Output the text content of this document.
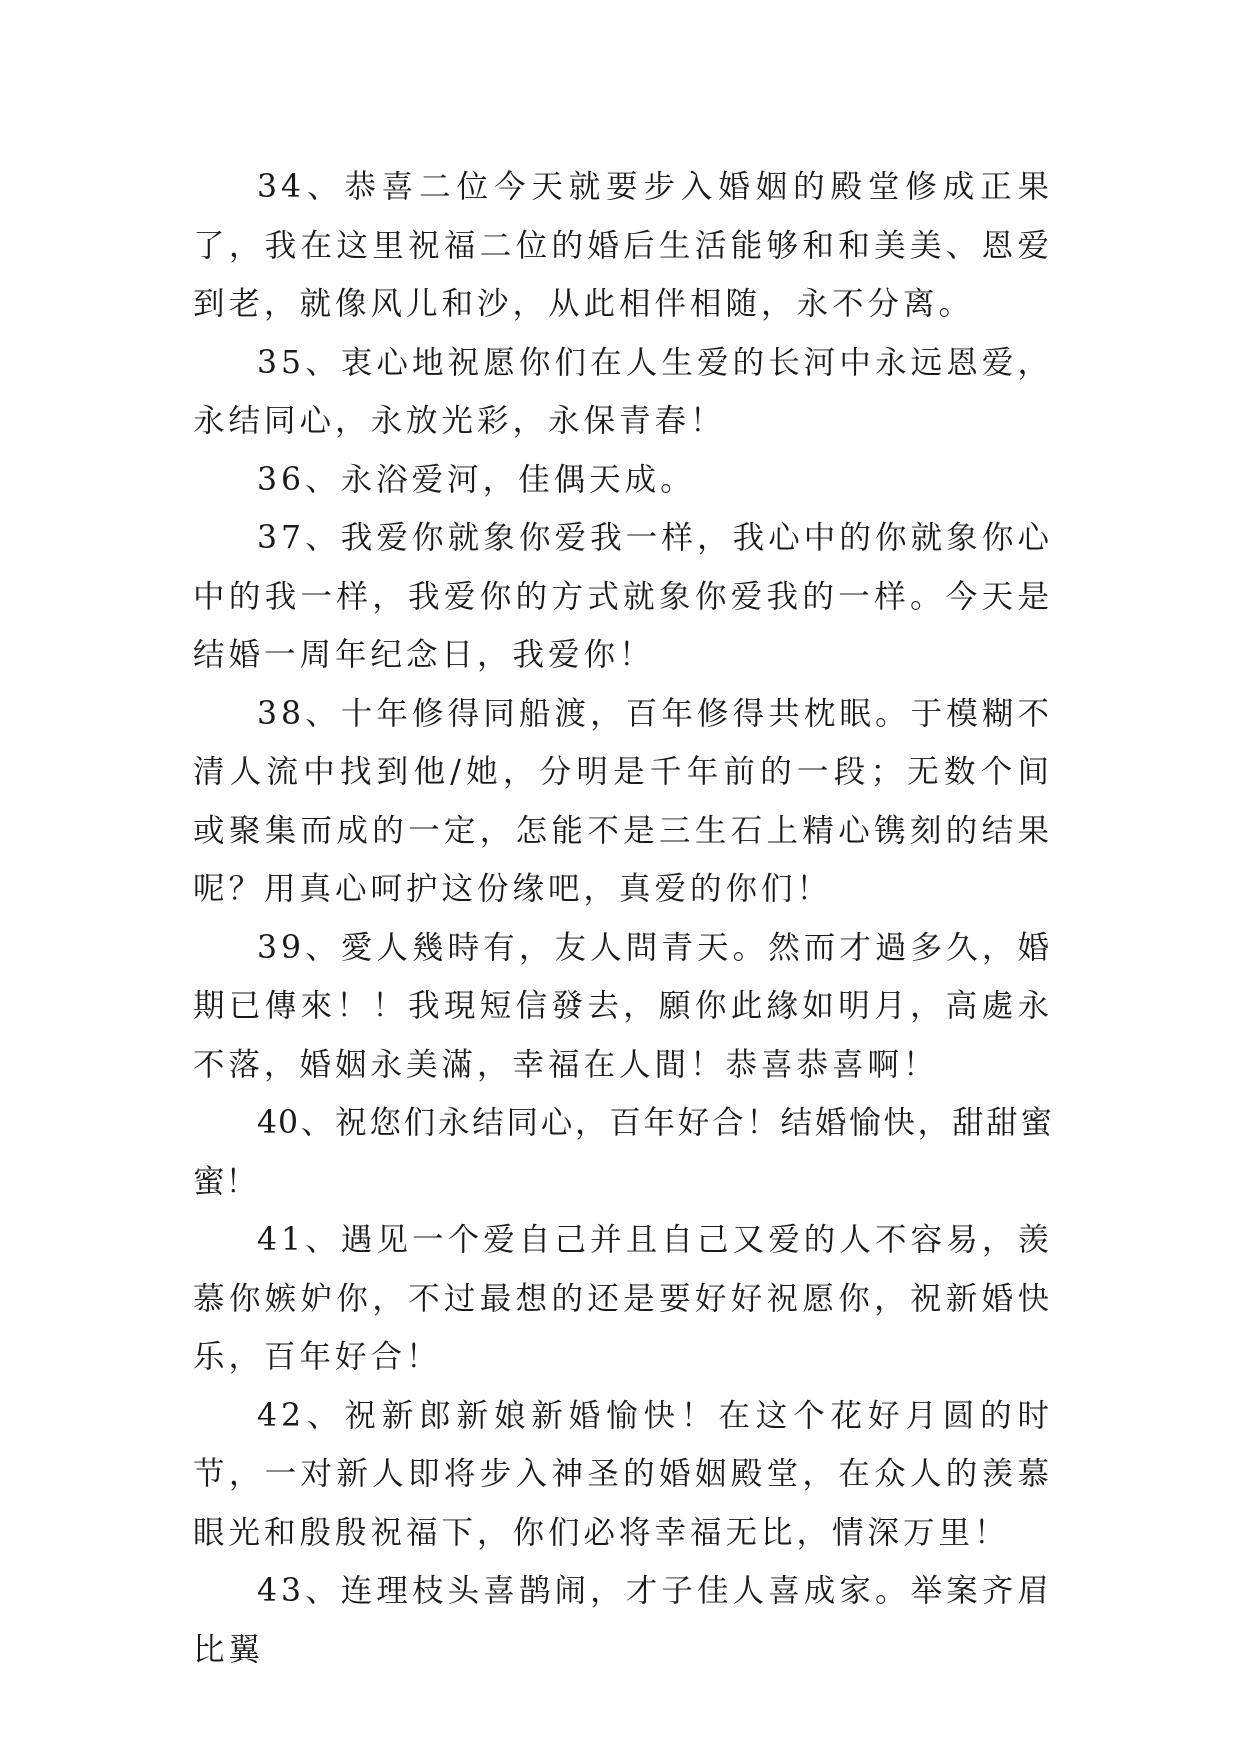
34、恭喜二位今天就要步入婚姻的殿堂修成正果了，我在这里祝福二位的婚后生活能够和和美美、恩爱到老，就像风儿和沙，从此相伴相随，永不分离。

35、衷心地祝愿你们在人生爱的长河中永远恩爱，永结同心，永放光彩，永保青春！

36、永浴爱河，佳偶天成。

37、我爱你就象你爱我一样，我心中的你就象你心中的我一样，我爱你的方式就象你爱我的一样。今天是结婚一周年纪念日，我爱你！

38、十年修得同船渡，百年修得共枕眠。于模糊不清人流中找到他/她，分明是千年前的一段；无数个间或聚集而成的一定，怎能不是三生石上精心镌刻的结果呢？用真心呵护这份缘吧，真爱的你们！

39、愛人幾時有，友人問青天。然而才過多久，婚期已傳來！！我現短信發去，願你此緣如明月，高處永不落，婚姻永美滿，幸福在人間！恭喜恭喜啊！

40、祝您们永结同心，百年好合！结婚愉快，甜甜蜜蜜！

41、遇见一个爱自己并且自己又爱的人不容易，羡慕你嫉妒你，不过最想的还是要好好祝愿你，祝新婚快乐，百年好合！

42、祝新郎新娘新婚愉快！在这个花好月圆的时节，一对新人即将步入神圣的婚姻殿堂，在众人的羡慕眼光和殷殷祝福下，你们必将幸福无比，情深万里！

43、连理枝头喜鹊闹，才子佳人喜成家。举案齐眉比翼
